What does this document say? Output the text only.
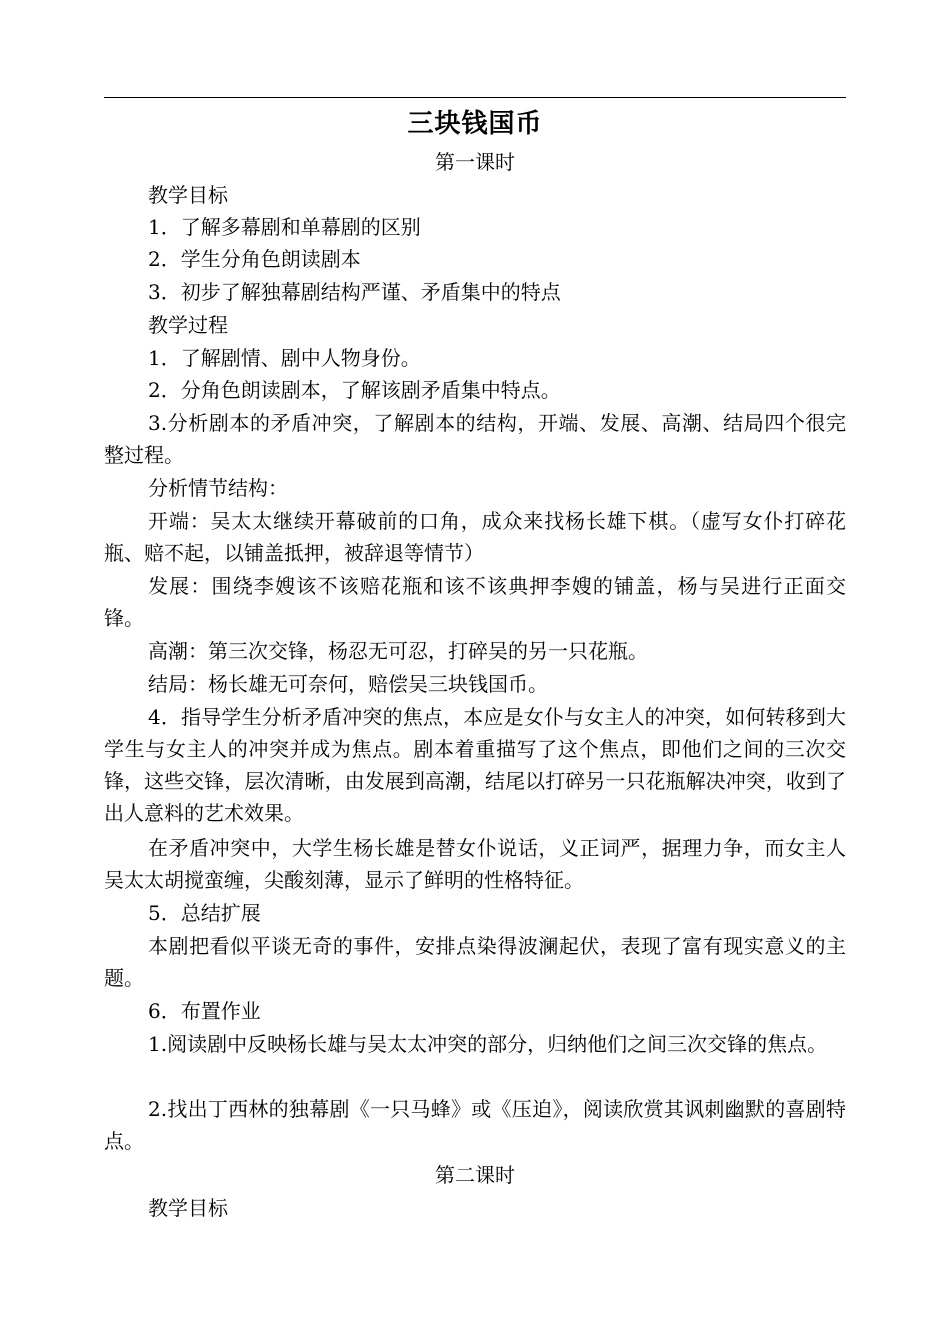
三块钱国币
第一课时
教学目标
1．了解多幕剧和单幕剧的区别
2．学生分角色朗读剧本
3．初步了解独幕剧结构严谨、矛盾集中的特点
教学过程
1．了解剧情、剧中人物身份。
2．分角色朗读剧本，了解该剧矛盾集中特点。
3.分析剧本的矛盾冲突，了解剧本的结构，开端、发展、高潮、结局四个很完整过程。
分析情节结构：
开端：吴太太继续开幕破前的口角，成众来找杨长雄下棋。（虚写女仆打碎花瓶、赔不起，以铺盖抵押，被辞退等情节）
发展：围绕李嫂该不该赔花瓶和该不该典押李嫂的铺盖，杨与吴进行正面交锋。
高潮：第三次交锋，杨忍无可忍，打碎吴的另一只花瓶。
结局：杨长雄无可奈何，赔偿吴三块钱国币。
4．指导学生分析矛盾冲突的焦点，本应是女仆与女主人的冲突，如何转移到大学生与女主人的冲突并成为焦点。剧本着重描写了这个焦点，即他们之间的三次交锋，这些交锋，层次清晰，由发展到高潮，结尾以打碎另一只花瓶解决冲突，收到了出人意料的艺术效果。
在矛盾冲突中，大学生杨长雄是替女仆说话，义正词严，据理力争，而女主人吴太太胡搅蛮缠，尖酸刻薄，显示了鲜明的性格特征。
5．总结扩展
本剧把看似平谈无奇的事件，安排点染得波澜起伏，表现了富有现实意义的主题。
6．布置作业
1.阅读剧中反映杨长雄与吴太太冲突的部分，归纳他们之间三次交锋的焦点。
2.找出丁西林的独幕剧《一只马蜂》或《压迫》，阅读欣赏其讽刺幽默的喜剧特点。
第二课时
教学目标
